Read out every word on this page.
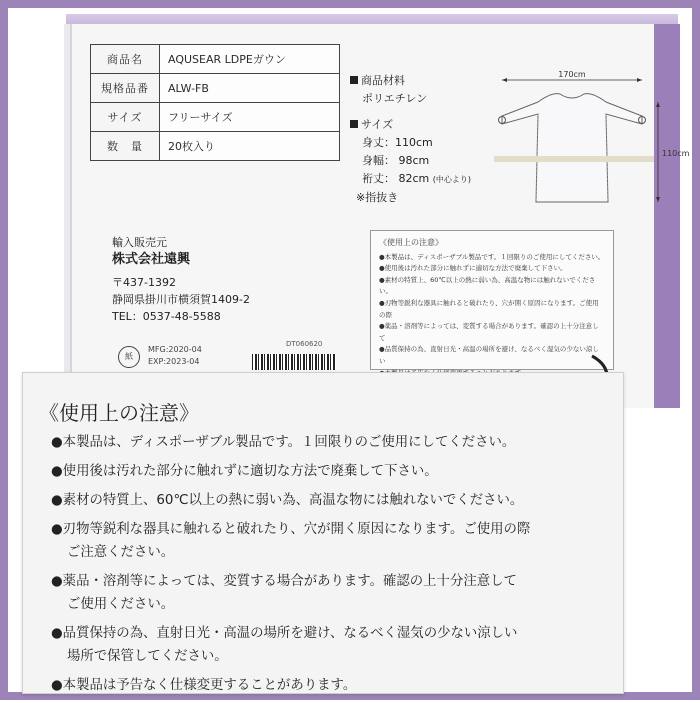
商品名	AQUSEAR LDPEガウン
規格品番	ALW-FB
サイズ	フリーサイズ
数　量	20枚入り
商品材料
ポリエチレン
サイズ
身丈：110cm
身幅： 98cm
裄丈： 82cm (中心より)
※指抜き
170cm
110cm
輸入販売元
株式会社遠興
〒437-1392
静岡県掛川市横須賀1409-2
TEL：0537-48-5588
紙
MFG:2020-04
EXP:2023-04
DT060620
《使用上の注意》
●本製品は、ディスポーザブル製品です。１回限りのご使用にしてください。
●使用後は汚れた部分に触れずに適切な方法で廃棄して下さい。
●素材の特質上、60℃以上の熱に弱い為、高温な物には触れないでください。
●刃物等鋭利な器具に触れると破れたり、穴が開く原因になります。ご使用の際
●薬品・溶剤等によっては、変質する場合があります。確認の上十分注意して
●品質保持の為、直射日光・高温の場所を避け、なるべく湿気の少ない涼しい
《使用上の注意》
●本製品は、ディスポーザブル製品です。１回限りのご使用にしてください。
●使用後は汚れた部分に触れずに適切な方法で廃棄して下さい。
●素材の特質上、60℃以上の熱に弱い為、高温な物には触れないでください。
●刃物等鋭利な器具に触れると破れたり、穴が開く原因になります。ご使用の際
ご注意ください。
●薬品・溶剤等によっては、変質する場合があります。確認の上十分注意して
ご使用ください。
●品質保持の為、直射日光・高温の場所を避け、なるべく湿気の少ない涼しい
場所で保管してください。
●本製品は予告なく仕様変更することがあります。
